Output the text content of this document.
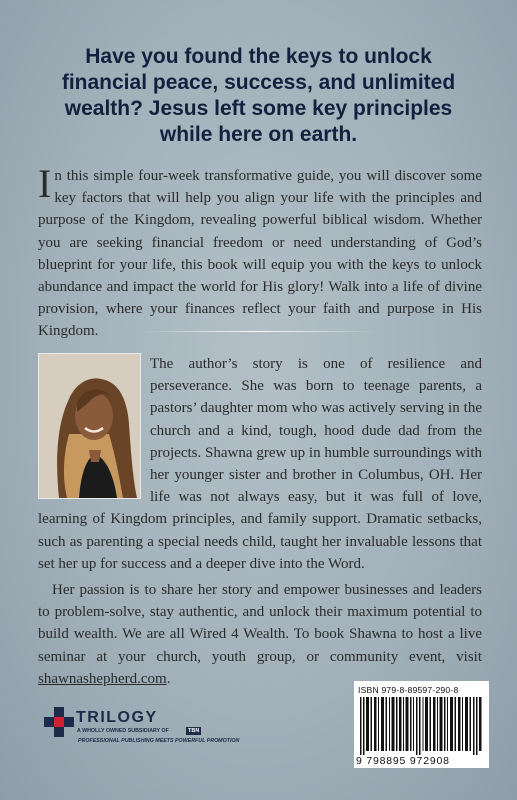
Have you found the keys to unlock financial peace, success, and unlimited wealth? Jesus left some key principles while here on earth.
In this simple four-week transformative guide, you will discover some key factors that will help you align your life with the principles and purpose of the Kingdom, revealing powerful biblical wisdom. Whether you are seeking financial freedom or need understanding of God’s blueprint for your life, this book will equip you with the keys to unlock abundance and impact the world for His glory! Walk into a life of divine provision, where your finances reflect your faith and purpose in His Kingdom.

The author’s story is one of resilience and perseverance. She was born to teenage parents, a pastors’ daughter mom who was actively serving in the church and a kind, tough, hood dude dad from the projects. Shawna grew up in humble surroundings with her younger sister and brother in Columbus, OH. Her life was not always easy, but it was full of love, learning of Kingdom principles, and family support. Dramatic setbacks, such as parenting a special needs child, taught her invaluable lessons that set her up for success and a deeper dive into the Word.

Her passion is to share her story and empower businesses and leaders to problem-solve, stay authentic, and unlock their maximum potential to build wealth. We are all Wired 4 Wealth. To book Shawna to host a live seminar at your church, youth group, or community event, visit shawnashepherd.com.

ISBN 979-8-89597-290-8
9 798895 972908
TRILOGY
A WHOLLY OWNED SUBSIDIARY OF	TBN
PROFESSIONAL PUBLISHING MEETS POWERFUL PROMOTION
